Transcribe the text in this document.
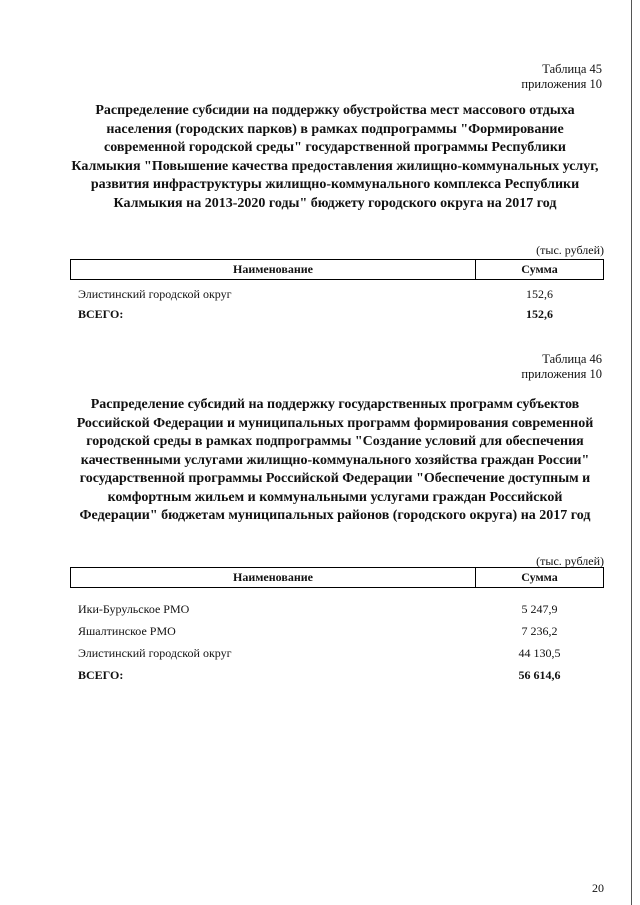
Таблица 45
приложения 10
Распределение субсидии на поддержку обустройства мест массового отдыха населения (городских парков) в рамках подпрограммы "Формирование современной городской среды" государственной программы Республики Калмыкия "Повышение качества предоставления жилищно-коммунальных услуг, развития инфраструктуры жилищно-коммунального комплекса Республики Калмыкия на 2013-2020 годы" бюджету городского округа на 2017 год
(тыс. рублей)
Наименование	Сумма
Элистинский городской округ	152,6
ВСЕГО:	152,6
Таблица 46
приложения 10
Распределение субсидий на поддержку государственных программ субъектов Российской Федерации и муниципальных программ формирования современной городской среды в рамках подпрограммы "Создание условий для обеспечения качественными услугами жилищно-коммунального хозяйства граждан России" государственной программы Российской Федерации "Обеспечение доступным и комфортным жильем и коммунальными услугами граждан Российской Федерации" бюджетам муниципальных районов (городского округа) на 2017 год
(тыс. рублей)
Наименование	Сумма
Ики-Бурульское РМО	5 247,9
Яшалтинское РМО	7 236,2
Элистинский городской округ	44 130,5
ВСЕГО:	56 614,6
20
